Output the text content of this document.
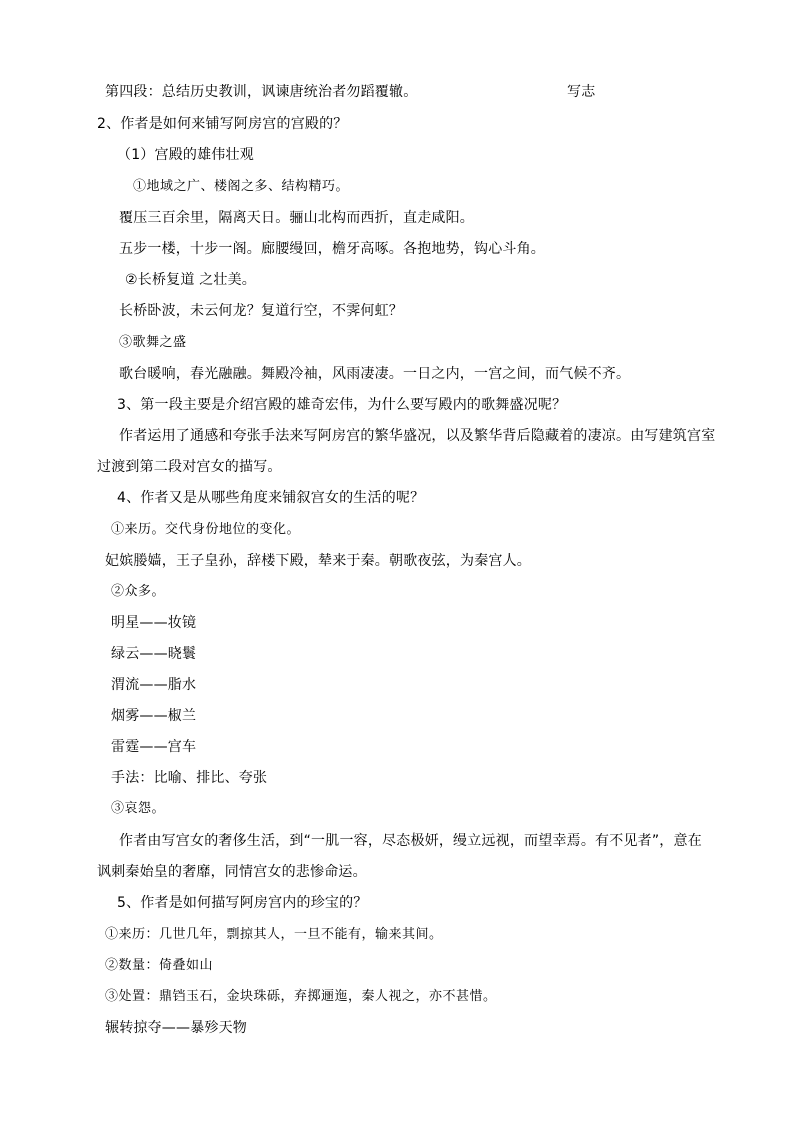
第四段：总结历史教训，讽谏唐统治者勿蹈覆辙。	写志
2、作者是如何来铺写阿房宫的宫殿的？
（1）宫殿的雄伟壮观
①地域之广、楼阁之多、结构精巧。
覆压三百余里，隔离天日。骊山北构而西折，直走咸阳。
五步一楼，十步一阁。廊腰缦回，檐牙高啄。各抱地势，钩心斗角。
②长桥复道 之壮美。
长桥卧波，未云何龙？复道行空，不霁何虹？
③歌舞之盛
歌台暖响，春光融融。舞殿冷袖，风雨凄凄。一日之内，一宫之间，而气候不齐。
3、第一段主要是介绍宫殿的雄奇宏伟，为什么要写殿内的歌舞盛况呢？
作者运用了通感和夸张手法来写阿房宫的繁华盛况，以及繁华背后隐藏着的凄凉。由写建筑宫室
过渡到第二段对宫女的描写。
4、作者又是从哪些角度来铺叙宫女的生活的呢？
①来历。交代身份地位的变化。
妃嫔媵嫱，王子皇孙，辞楼下殿，辇来于秦。朝歌夜弦，为秦宫人。
②众多。
明星——妆镜
绿云——晓鬟
渭流——脂水
烟雾——椒兰
雷霆——宫车
手法：比喻、排比、夸张
③哀怨。
作者由写宫女的奢侈生活，到“一肌一容，尽态极妍，缦立远视，而望幸焉。有不见者”，意在
讽刺秦始皇的奢靡，同情宫女的悲惨命运。
5、作者是如何描写阿房宫内的珍宝的？
①来历：几世几年，剽掠其人，一旦不能有，输来其间。
②数量：倚叠如山
③处置：鼎铛玉石，金块珠砾，弃掷逦迤，秦人视之，亦不甚惜。
辗转掠夺——暴殄天物
